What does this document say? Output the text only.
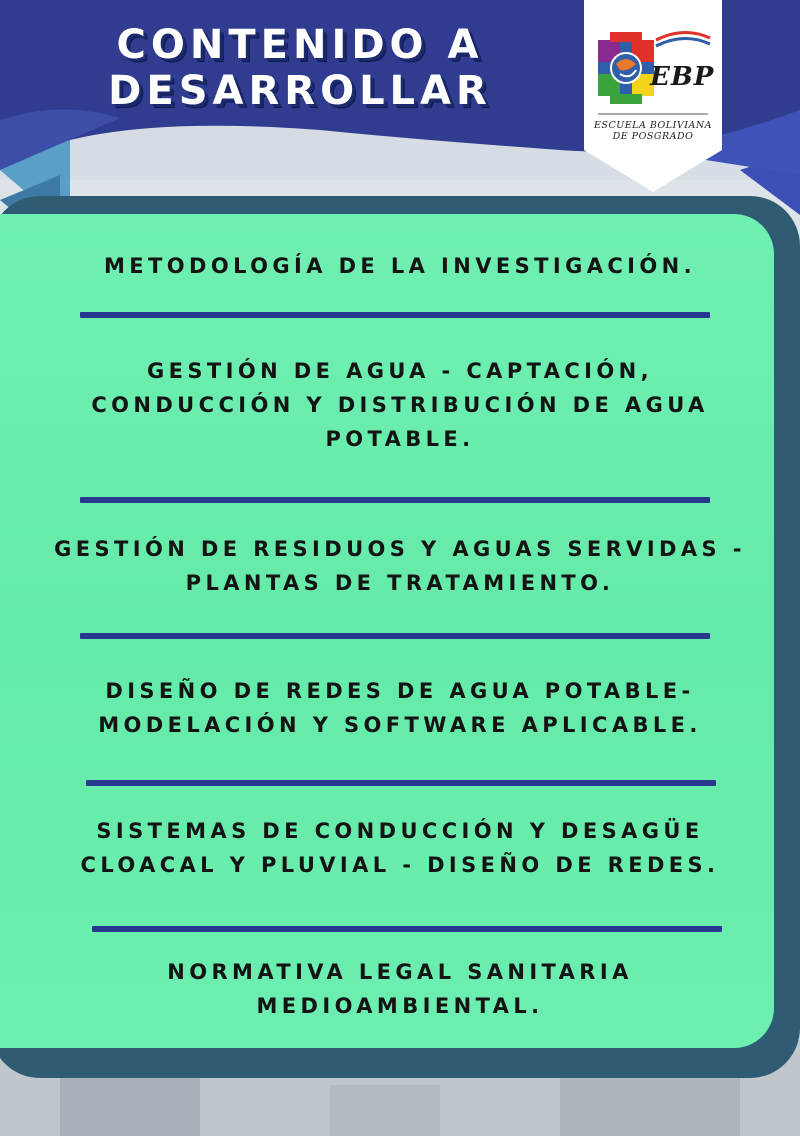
CONTENIDO A
DESARROLLAR	EBP

ESCUELA BOLIVIANA
DE POSGRADO

METODOLOGÍA DE LA INVESTIGACIÓN.

GESTIÓN DE AGUA - CAPTACIÓN,
CONDUCCIÓN Y DISTRIBUCIÓN DE AGUA
POTABLE.

GESTIÓN DE RESIDUOS Y AGUAS SERVIDAS -
PLANTAS DE TRATAMIENTO.

DISEÑO DE REDES DE AGUA POTABLE-
MODELACIÓN Y SOFTWARE APLICABLE.

SISTEMAS DE CONDUCCIÓN Y DESAGÜE
CLOACAL Y PLUVIAL - DISEÑO DE REDES.

NORMATIVA LEGAL SANITARIA
MEDIOAMBIENTAL.
